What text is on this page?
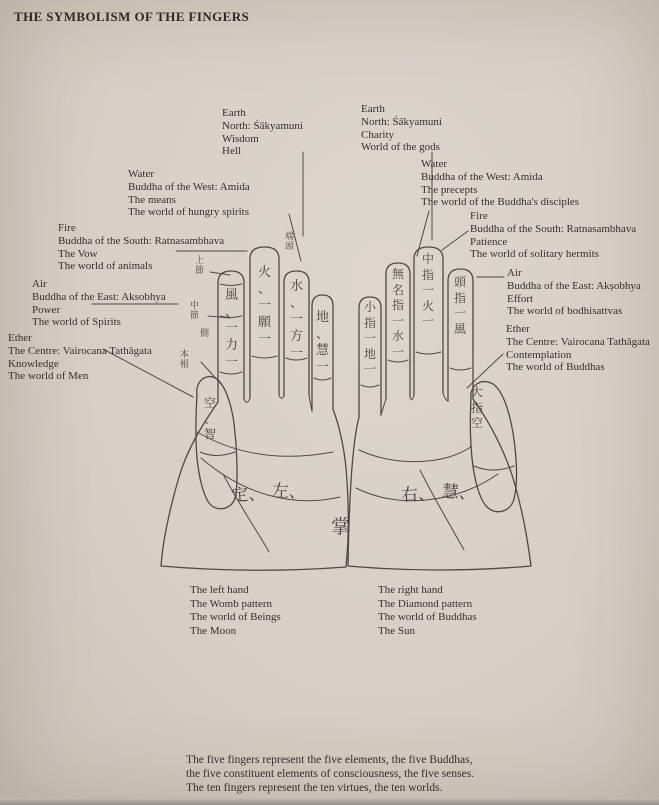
THE SYMBOLISM OF THE FINGERS
Earth
North: Śākyamuni
Wisdom
Hell
Earth
North: Śākyamuni
Charity
World of the gods
Water
Buddha of the West: Amida
The means
The world of hungry spirits
Water
Buddha of the West: Amida
The precepts
The world of the Buddha's disciples
Fire
Buddha of the South: Ratnasambhava
The Vow
The world of animals
Fire
Buddha of the South: Ratnasambhava
Patience
The world of solitary hermits
Air
Buddha of the East: Aksobhya
Power
The world of Spirits
Air
Buddha of the East: Akṣobhya
Effort
The world of bodhisattvas
Ether
The Centre: Vairocana Tathāgata
Knowledge
The world of Men
Ether
The Centre: Vairocana Tathāgata
Contemplation
The world of Buddhas
端
頭
上
節
中
節
側
本
根
風
、
一
力
一
火
、
一
願
一
水
、
一
方
一
地
、
慧
一
空
、
智
小
指
一
地
一
無
名
指
一
水
一
中
指
一
火
一
頭
指
一
風
大
指
空
定、 左、
掌
右、 慧、
The left hand
The Womb pattern
The world of Beings
The Moon
The right hand
The Diamond pattern
The world of Buddhas
The Sun
The five fingers represent the five elements, the five Buddhas,
the five constituent elements of consciousness, the five senses.
The ten fingers represent the ten virtues, the ten worlds.
